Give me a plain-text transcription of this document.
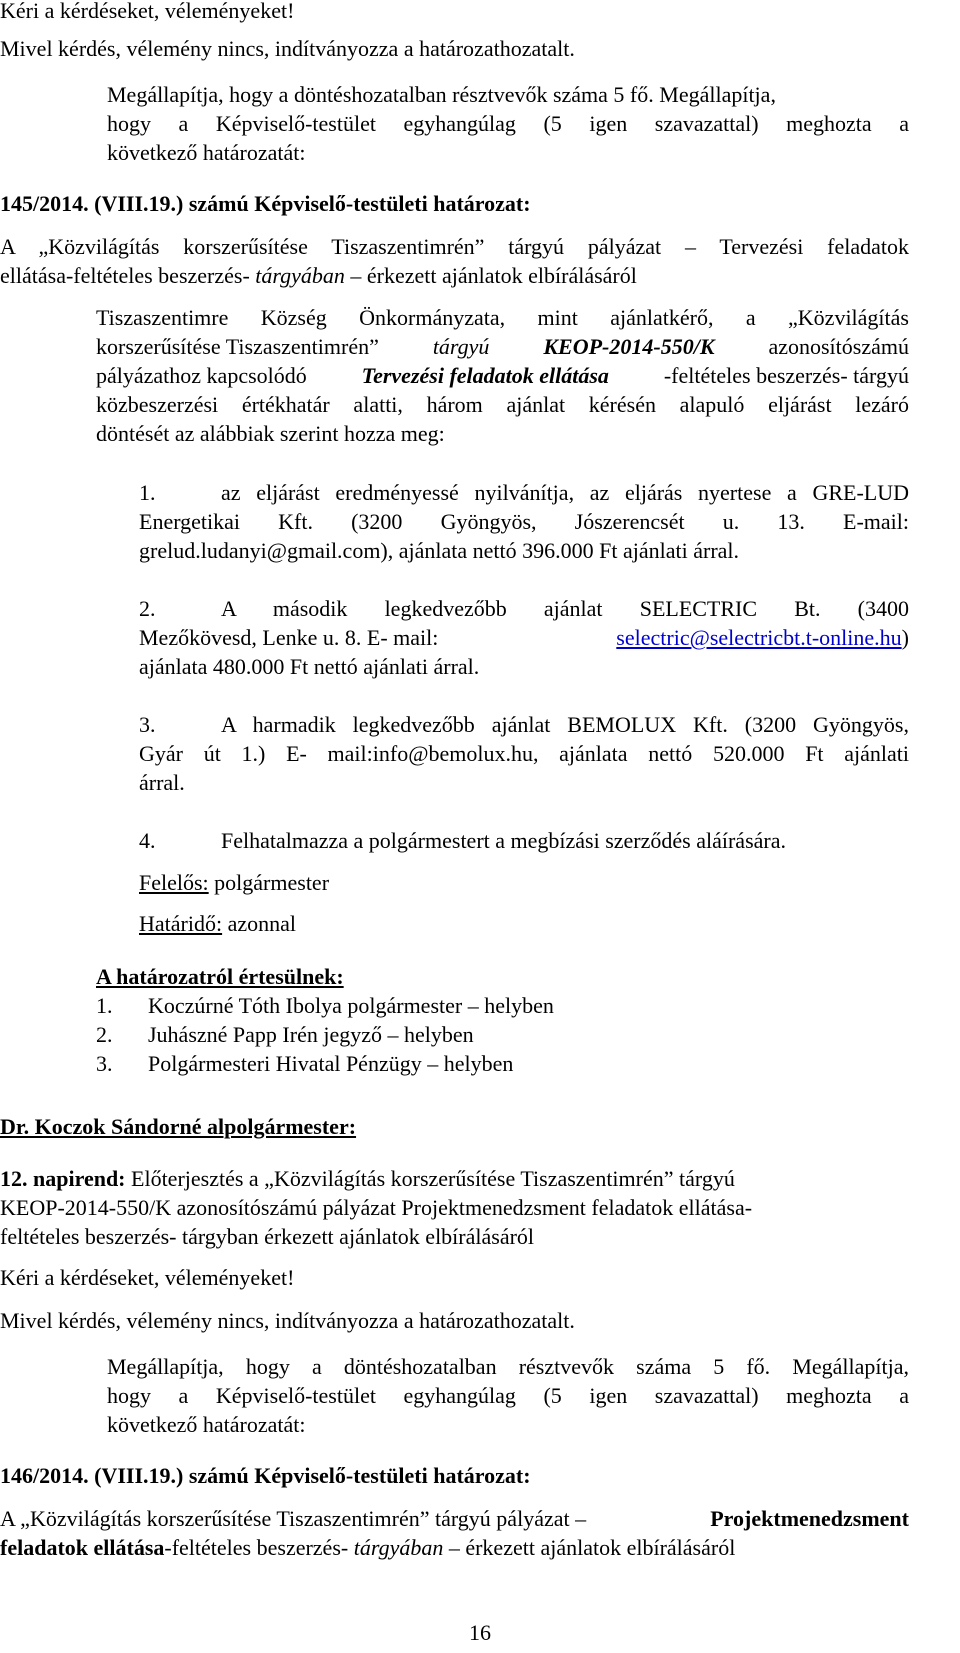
Kéri a kérdéseket, véleményeket!
Mivel kérdés, vélemény nincs, indítványozza a határozathozatalt.
Megállapítja, hogy a döntéshozatalban résztvevők száma 5 fő. Megállapítja,
hogy a Képviselő-testület egyhangúlag (5 igen szavazattal) meghozta a
következő határozatát:
145/2014. (VIII.19.) számú Képviselő-testületi határozat:
A „Közvilágítás korszerűsítése Tiszaszentimrén” tárgyú pályázat – Tervezési feladatok
ellátása-feltételes beszerzés- tárgyában – érkezett ajánlatok elbírálásáról
Tiszaszentimre Község Önkormányzata, mint ajánlatkérő, a „Közvilágítás
korszerűsítése Tiszaszentimrén” tárgyú KEOP-2014-550/K azonosítószámú
pályázathoz kapcsolódó Tervezési feladatok ellátása -feltételes beszerzés- tárgyú
közbeszerzési értékhatár alatti, három ajánlat kérésén alapuló eljárást lezáró
döntését az alábbiak szerint hozza meg:
1.	az eljárást eredményessé nyilvánítja, az eljárás nyertese a GRE-LUD
Energetikai Kft. (3200 Gyöngyös, Jószerencsét u. 13. E-mail:
grelud.ludanyi@gmail.com), ajánlata nettó 396.000 Ft ajánlati árral.
2.	A második legkedvezőbb ajánlat SELECTRIC Bt. (3400
Mezőkövesd, Lenke u. 8. E- mail:	selectric@selectricbt.t-online.hu)
ajánlata 480.000 Ft nettó ajánlati árral.
3.	A harmadik legkedvezőbb ajánlat BEMOLUX Kft. (3200 Gyöngyös,
Gyár út 1.) E- mail:info@bemolux.hu, ajánlata nettó 520.000 Ft ajánlati
árral.
4.	Felhatalmazza a polgármestert a megbízási szerződés aláírására.
Felelős: polgármester
Határidő: azonnal
A határozatról értesülnek:
1. Koczúrné Tóth Ibolya polgármester – helyben
2. Juhászné Papp Irén jegyző – helyben
3. Polgármesteri Hivatal Pénzügy – helyben
Dr. Koczok Sándorné alpolgármester:
12. napirend: Előterjesztés a „Közvilágítás korszerűsítése Tiszaszentimrén” tárgyú
KEOP-2014-550/K azonosítószámú pályázat Projektmenedzsment feladatok ellátása-
feltételes beszerzés- tárgyban érkezett ajánlatok elbírálásáról
Kéri a kérdéseket, véleményeket!
Mivel kérdés, vélemény nincs, indítványozza a határozathozatalt.
Megállapítja, hogy a döntéshozatalban résztvevők száma 5 fő. Megállapítja,
hogy a Képviselő-testület egyhangúlag (5 igen szavazattal) meghozta a
következő határozatát:
146/2014. (VIII.19.) számú Képviselő-testületi határozat:
A „Közvilágítás korszerűsítése Tiszaszentimrén” tárgyú pályázat –	Projektmenedzsment
feladatok ellátása-feltételes beszerzés- tárgyában – érkezett ajánlatok elbírálásáról
16
